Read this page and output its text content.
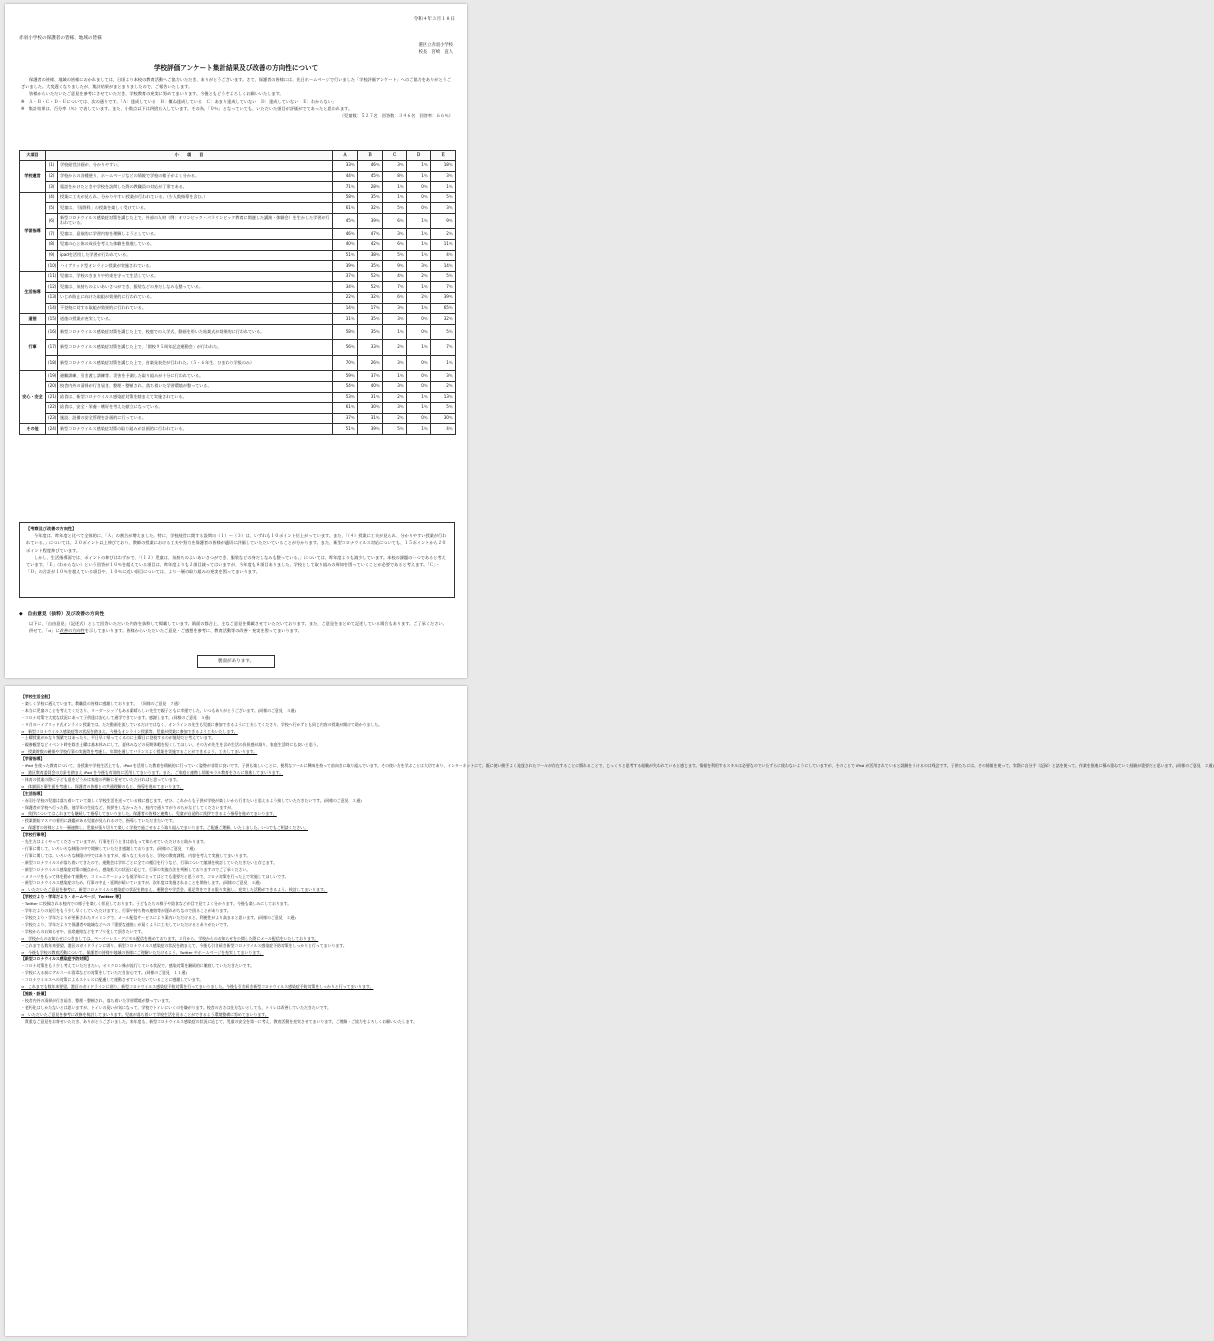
令和４年３月１８日
赤羽小学校の保護者の皆様、地域の皆様
港区立赤羽小学校
校長　宮崎　直人
学校評価アンケート集計結果及び改善の方向性について

保護者の皆様、地域の皆様におかれましては、日頃より本校の教育活動へご協力いただき、ありがとうございます。さて、保護者の皆様には、先日ホームページで行いました「学校評価アンケート」へのご協力をありがとうございました。大変遅くなりましたが、集計結果がまとまりましたので、ご報告いたします。

皆様からいただいたご意見を参考にさせていただき、学校教育の充実に努めてまいります。今後ともどうぞよろしくお願いいたします。

※　Ａ・Ｂ・Ｃ・Ｄ・Ｅについては、次の通りです。「Ａ：達成している　Ｂ：概ね達成している　Ｃ：あまり達成していない　Ｄ：達成していない　Ｅ：わからない」

※　集計結果は、百分率（％）で表しています。また、小数点以下は四捨五入しています。その為、「０％」となっていても、いただいた項目が評価がでてあったと思われます。

（児童数：５２７名　回答数：３４６名　回答率：６６％）

大項目	小　　項　　目		Ａ	Ｂ	Ｃ	Ｄ	Ｅ
学校運営	(1)	学校経営計画が、分かりやすい。	33％	46％	3％	1％	18％
	(2)	学校からの各種便り、ホームページなどの情報で学校の様子がよく分かる。	44％	45％	8％	1％	3％
	(3)	電話をかけたときや学校を訪問した際の教職員の対応が丁寧である。	71％	28％	1％	0％	1％
学習指導	(4)	授業に工夫が見られ、分かりやすい授業が行われている。（少人数指導を含む。）	58％	35％	1％	0％	5％
	(5)	児童は、「国際科」の授業を楽しく受けている。	61％	32％	5％	0％	3％
	(6)	新型コロナウイルス感染症対策を講じた上で、外部の人材（例：オリンピック・パラリンピック教育に関連した講演・体験会）を生かした学習が行われている。	45％	39％	6％	1％	9％
	(7)	児童は、意欲的に学習内容を理解しようとしている。	46％	47％	3％	1％	2％
	(8)	児童の心と体の成長を考えた体験を推進している。	40％	42％	6％	1％	11％
	(9)	ipadを活用した学習が行われている。	51％	38％	5％	1％	4％
	(10)	ハイブリッド型オンライン授業が実施されている。	39％	35％	9％	3％	14％
生活指導	(11)	児童は、学校のきまりや約束を守って生活している。	37％	52％	4％	2％	5％
	(12)	児童は、気持ちのよいあいさつができ、服装などの身だしなみも整っている。	34％	52％	7％	1％	7％
	(13)	いじめ防止に向けた取組が効果的に行われている。	22％	32％	6％	2％	39％
	(14)	不登校に対する取組が効果的に行われている。	14％	17％	3％	1％	65％
道徳	(15)	道徳の授業が充実している。	31％	35％	3％	0％	32％
行事	(16)	新型コロナウイルス感染症対策を講じた上で、校庭での入学式、動画を用いた始業式が効果的に行われている。	58％	35％	1％	0％	5％
	(17)	新型コロナウイルス感染症対策を講じた上で、「開校９５周年記念運動会」が行われた。	56％	33％	2％	1％	7％
	(18)	新型コロナウイルス感染症対策を講じた上で、音楽発表会が行われた。（５・６年生、ひまわり学級のみ）	70％	26％	3％	0％	1％
安心・安全	(19)	避難訓練、引き渡し訓練等、災害を予測した取り組みが十分に行われている。	59％	37％	1％	0％	3％
	(20)	校舎内外の清掃が行き届き、整理・整頓され、落ち着いた学習環境が整っている。	54％	40％	3％	0％	2％
	(21)	給食は、新型コロナウイルス感染症対策を踏まえて実施されている。	53％	31％	2％	1％	13％
	(22)	給食は、安全・栄養・嗜好を考えた献立になっている。	61％	30％	3％	1％	5％
	(23)	施設、設備の安全管理を計画的に行っている。	37％	31％	2％	0％	30％
その他	(24)	新型コロナウイルス感染症対策の取り組みが計画的に行われている。	51％	39％	5％	1％	4％
【考察及び改善の方向性】

今年度は、昨年度と比べて全体的に、「Ａ」の割合が増えました。特に、学校経営に関する設問の（１）〜（３）は、いずれも１０ポイント位上がっています。また、「（４）授業に工夫が見られ、分かりやすい授業が行われている。」については、２０ポイント以上伸びており、教師の授業における工夫や努力を保護者の皆様が適切に評価していただいていることが分かります。また、新型コロナウイルス対応についても、１５ポイントから２０ポイント程度伸びています。

しかし、生活指導面では、ポイントの伸びはわずかで、「（１２）児童は、気持ちのよいあいさつができ、服装などの身だしなみも整っている。」については、昨年度よりも減少しています。本校の課題の一つであると考えています。「Ｅ」（わからない）という回答が１０％を超えている項目は、昨年度よりも２項目減ってはいますが、今年度も８項目ありました。学校として取り組みの周知を図っていくことが必要であると考えます。「Ｃ」・「Ｄ」の合計が１０％を超えている項目や、１０％に近い項目については、より一層の取り組みの充実を図ってまいります。

◆　自由意見（抜粋）及び改善の方向性

以下に、「自由意見」（記述式）として回答いただいた内容を抜粋して掲載しています。紙面の都合上、主なご意見を掲載させていただいております。また、ご意見をまとめて記述している場合もあります。ご了承ください。

併せて、「⇒」に改善の方向性を示してまいります。皆様からいただいたご意見・ご感想を参考に、教育活動等の改善・充実を図ってまいります。

裏面があります。
【学校生活全般】
・楽しく学校に通えています。教職員の皆様に感謝しております。　（同様のご意見　７通）
・本当に児童のことを考えてくださり、リーダーシップもある素晴らしい先生で親子ともに幸運でした。いつもありがとうございます。(同様のご意見　３通)
・コロナ対策で大変な状況にあって子供達は安心して通学できています。感謝します。(同様のご意見　５通)
・９月のハイブリッド式オンライン授業では、ただ動画を流しているだけではなく、オンラインの先生も児童に参加できるように工夫してくださり、学校へ行かずとも同じ内容の授業が聞けて助かりました。
⇒　新型コロナウイルス感染症等の状況を踏まえ、今後もオンライン授業等、児童が授業に参加できるよう工夫いたします。
・土曜授業がかなり頻繁ではあったり、平日早く帰ってくるのに土曜日に登校するのが億劫だと考えています。
・親参観型などイベント時を除き土曜は基本休みにして、夏休みなどの長期休暇を短くしてほしい。その方が先生を含め生活の負担感が減り、家庭生活時にも良いと思う。
⇒　授業時数の確保や学校行事の実施等を考慮し、年間を通してバランスよく授業を実施することができるよう、工夫してまいります。
【学習指導】
・iPad を使った教育について、各授業や学校生活上でも、iPad を活用した教育を積極的に行っていく姿勢が非常に良いです。子供も楽しいことに、便利なツールに興味を持って前向きに取り組んでいます。その使い方を学ぶことは大切であり、インターネットにて、既に使い勝手よく発達されたツールが存在することに慣れることで、じっくりと思考する経験が失われていると感じます。情報を利用するスキルは必要なのでいたずらに使わないようにしていますが、そのことで iPad が活用されていると誤解をうけるのは残念です。子供たちには、その情報を使って、実際に自分手（記録）と話を使って、作業を推進に積み重ねていく経験が重要だと思います。(同様のご意見　２通)
⇒　港区教育委員会の方針を踏まえ iPad を今後も有効的に活用してまいります。また、ご家庭と連携し情報モラル教育をさらに推進してまいります。
・体育の授業の際に子ども達をどうかは家庭の判断に任せていただければと思っています。
⇒　体調面と衛生面を考慮し、保護者の皆様との共通理解のもと、指導を進めてまいります。
【生活指導】
・赤羽小学校の児童は落ち着いていて楽しく学校生活を送っている様に感じます。ぜひ、これからも子供が学校が楽しいから行きたいと思えるよう接していただきたいです。(同様のご意見　２通)
・保護者が学校へ行った際、他学年の生徒など、挨拶をしなかったり、校内で通りすがりのちかなどしてくださいますが、
⇒　挨拶についてはこれまでも継続して指導してまいりました。保護者の皆様と連携し、児童が自発的に挨拶できるよう指導を進めてまいります。
・授業開始マスクの着用に課題がある児童が見られるので、指導していただきたいです。
⇒　保護者の皆様とより一層連携し、児童が張り切りて楽しく学校で過ごせるよう取り組んでまいります。ご配慮ご理解、いたしました。いつでもご相談ください。
【学校行事等】
・先生方はよくやってくださっていますが、行事を行うときは前もって知らせていただけると助かります。
・行事に関して、いろいろな制限の中で開催していただき感謝しております。(同様のご意見　７通)
・行事に関しては、いろいろな制限の中ではありますが、様々な工夫のもと、学校の教育課程、内容を考えて実施してまいります。
・新型コロナウイルスが落ち着いてきたので、運動会は学年ごとに全ての種目を行うなど、行事について縮減を検討していただきたいと存じます。
・新型コロナウイルス感染症対策の観点から、感染拡大の状況に応じて、行事の実施方法を判断しておりますのでご了承ください。
・メリハリをもって体を動かす運動や、コミュニケーションも低学年にとってはとても重要だと思うので、コロナ対策を行った上で実施してほしいです。
・新型コロナウイルス感染症のため、行事の中止・延期が続いていますが、次年度は実施されることを期待します。(同様のご意見　３通)
⇒　いただいたご意見を参考に、新型コロナウイルス感染症の状況を踏まえ、運動会や学芸会、遠足等をできる限り実施し、充実した活動ができるよう、検討してまいります。
【学校だより・学年だより・ホームページ、Twitter 等】
・Twitter に投稿される校内での様子を楽しく拝見しております。子どもたちの様子や給食などが目で見てよく分かります。今後も楽しみにしております。
・学年だよりの発行をもう少し早くしていただけますと、行事や持ち物の連絡等が遅れがちなので困ることがあります。
・学校だより・学年だよりが更新されたタイミングで、メール配信サービスにより案内いただけると、利便性がより高まると思います。(同様のご意見　２通)
・学校だより、学年だよりで保護者や地域などへの『重要な連絡』が届くように工夫していただけるとありがたいです。
・学校からのお知らせや、出席連絡などをアプリ化して頂きたいです。
⇒　学校からのお知らせにつきましては、ペーパーレス・デジタル配信を進めております。２月から、学校からのお知らせを公開した際にメール配信をいたしております。
・これまでも数年来要望、港区のガイドラインに則り、新型コロナウイルス感染症の状況を踏まえて、今後も引き続き新型コロナウイルス感染症予防対策をしっかりと行ってまいります。
⇒　今後も学校の教育活動について、保護者の皆様や地域の皆様にご理解いただけるよう、Twitter やホームページを充実してまいります。
【新型コロナウイルス感染症予防対策】
・コロナ対策をもう少し考えていただきたい。オミクロン株が流行している状況で、感染対策を継続的に徹底していただきたいです。
・学校に入る前にアルコール消毒などの対策をしていただき安心です。(同様のご意見　１１通)
・コロナウイルスへの対策によるストレスに配慮して運動させていただいていることに感謝しています。
⇒　これまでも数年来要望、港区のガイドラインに則り、新型コロナウイルス感染症予防対策を行ってまいりました。今後も引き続き新型コロナウイルス感染症予防対策をしっかりと行ってまいります。
【施設・設備】
・校舎内外の清掃が行き届き、整理・整頓され、落ち着いた学習環境が整っています。
・老朽化はしかたないとは思いますが、トイレの臭いが気になって、学校でトイレにいくのを嫌がります。校舎の古さは仕方ないとしても、トイレは改善していただきたいです。
⇒　いただいたご意見を参考に改修を検討してまいります。児童が落ち着いて学校生活を送ることができるよう環境整備に努めてまいります。
　貴重なご意見をお寄せいただき、ありがとうございました。来年度も、新型コロナウイルス感染症の状況に応じて、児童の安全を第一に考え、教育活動を充実させてまいります。ご理解・ご協力をよろしくお願いいたします。
